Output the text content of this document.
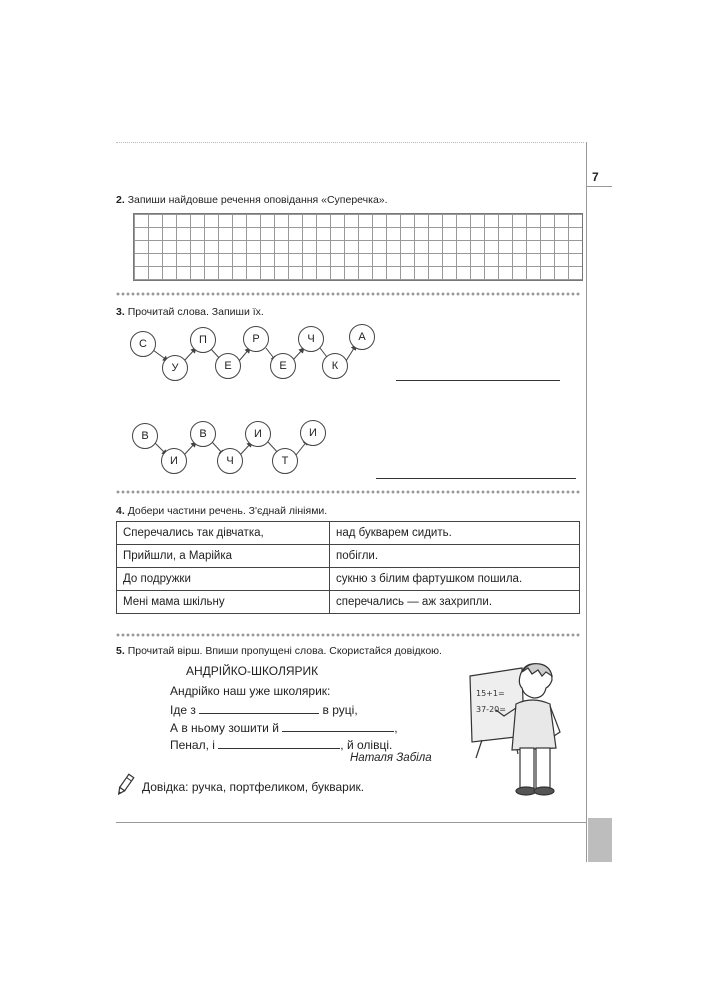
7
2. Запиши найдовше речення оповідання «Суперечка».
3. Прочитай слова. Запиши їх.
С
У
П
Е
Р
Е
Ч
К
А
В
И
В
Ч
И
Т
И
4. Добери частини речень. З'єднай лініями.
Сперечались так дівчатка,	над букварем сидить.
Прийшли, а Марійка	побігли.
До подружки	сукню з білим фартушком пошила.
Мені мама шкільну	сперечались — аж захрипли.
5. Прочитай вірш. Впиши пропущені слова. Скористайся довідкою.
АНДРІЙКО-ШКОЛЯРИК
Андрійко наш уже школярик:
Іде з	в руці,
А в ньому зошити й	,
Пенал, і	, й олівці.
Наталя Забіла
Довідка: ручка, портфеликом, букварик.
15+1=
37-20=
